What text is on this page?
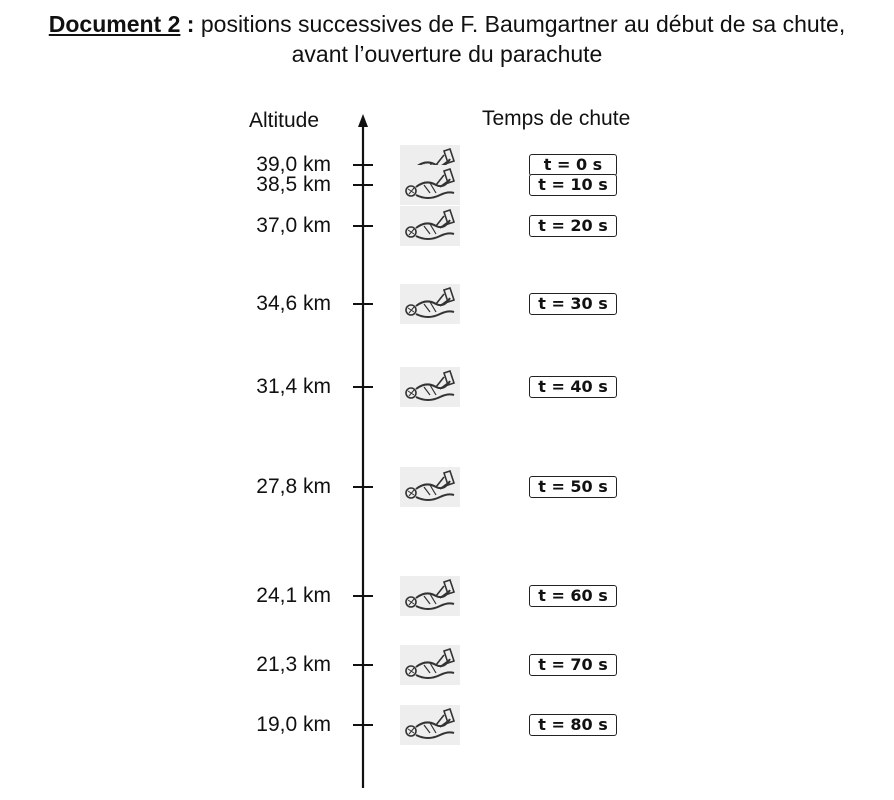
Document 2 : positions successives de F. Baumgartner au début de sa chute,
avant l’ouverture du parachute
Altitude	Temps de chute
39,0 km	t = 0 s
38,5 km	t = 10 s
37,0 km	t = 20 s
34,6 km	t = 30 s
31,4 km	t = 40 s
27,8 km	t = 50 s
24,1 km	t = 60 s
21,3 km	t = 70 s
19,0 km	t = 80 s
